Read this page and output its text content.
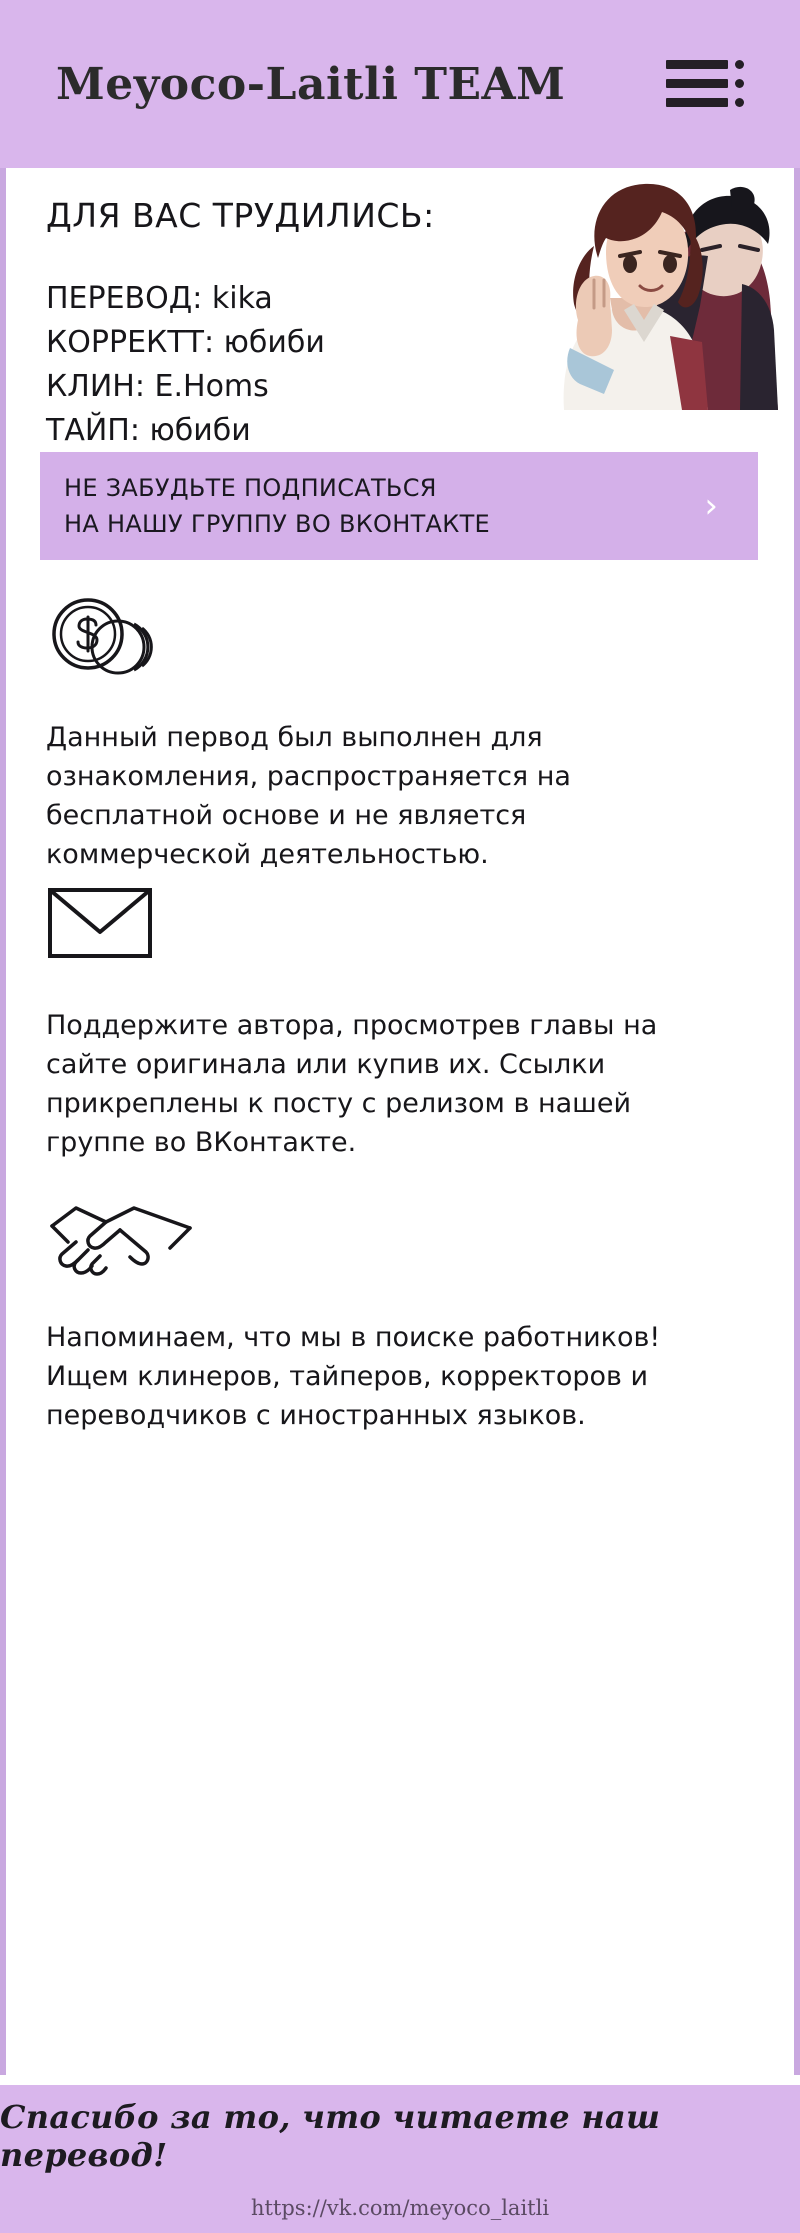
Meyoco-Laitli TEAM
ДЛЯ ВАС ТРУДИЛИСЬ:
ПЕРЕВОД: kika
КОРРЕКТТ: юбиби
КЛИН: E.Homs
ТАЙП: юбиби
НЕ ЗАБУДЬТЕ ПОДПИСАТЬСЯ
НА НАШУ ГРУППУ ВО ВКОНТАКТЕ	›
Данный первод был выполнен для ознакомления, распространяется на бесплатной основе и не является коммерческой деятельностью.
Поддержите автора, просмотрев главы на сайте оригинала или купив их. Ссылки прикреплены к посту с релизом в нашей группе во ВКонтакте.
Напоминаем, что мы в поиске работников! Ищем клинеров, тайперов, корректоров и переводчиков с иностранных языков.
Спасибо за то, что читаете наш перевод!
https://vk.com/meyoco_laitli
